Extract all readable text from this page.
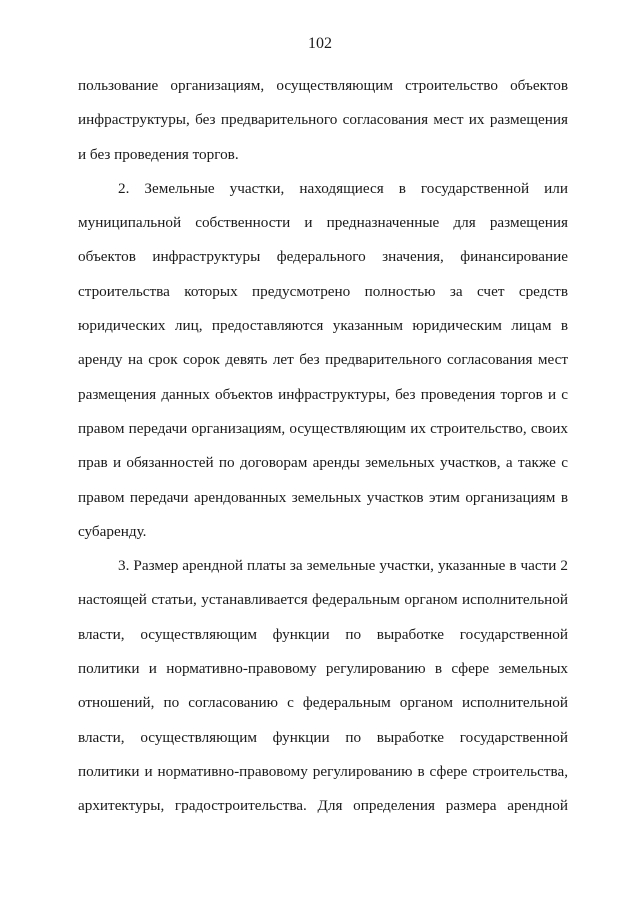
102
пользование организациям, осуществляющим строительство объектов
инфраструктуры, без предварительного согласования мест их размещения
и без проведения торгов.
2. Земельные участки, находящиеся в государственной или
муниципальной собственности и предназначенные для размещения
объектов инфраструктуры федерального значения, финансирование
строительства которых предусмотрено полностью за счет средств
юридических лиц, предоставляются указанным юридическим лицам в
аренду на срок сорок девять лет без предварительного согласования мест
размещения данных объектов инфраструктуры, без проведения торгов и с
правом передачи организациям, осуществляющим их строительство, своих
прав и обязанностей по договорам аренды земельных участков, а также с
правом передачи арендованных земельных участков этим организациям в
субаренду.
3. Размер арендной платы за земельные участки, указанные в части 2
настоящей статьи, устанавливается федеральным органом исполнительной
власти, осуществляющим функции по выработке государственной
политики и нормативно-правовому регулированию в сфере земельных
отношений, по согласованию с федеральным органом исполнительной
власти, осуществляющим функции по выработке государственной
политики и нормативно-правовому регулированию в сфере строительства,
архитектуры, градостроительства. Для определения размера арендной
